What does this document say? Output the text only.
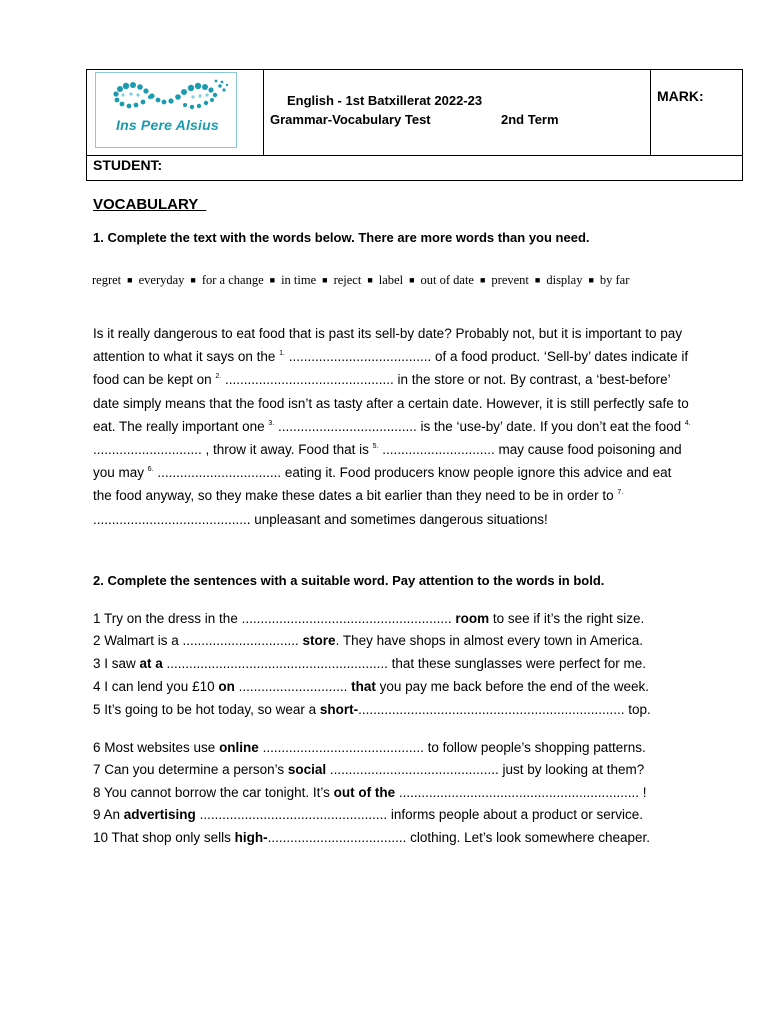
Ins Pere Alsius
English - 1st Batxillerat 2022-23
Grammar-Vocabulary Test	2nd Term
MARK:
STUDENT:
VOCABULARY
1. Complete the text with the words below. There are more words than you need.
regret ■ everyday ■ for a change ■ in time ■ reject ■ label ■ out of date ■ prevent ■ display ■ by far
Is it really dangerous to eat food that is past its sell-by date? Probably not, but it is important to pay attention to what it says on the $^{1.}$ ...................................... of a food product. ‘Sell-by’ dates indicate if food can be kept on $^{2.}$ ............................................. in the store or not. By contrast, a ‘best-before’ date simply means that the food isn’t as tasty after a certain date. However, it is still perfectly safe to eat. The really important one $^{3.}$ ..................................... is the ‘use-by’ date. If you don’t eat the food $^{4.}$ ............................. , throw it away. Food that is $^{5.}$ .............................. may cause food poisoning and you may $^{6.}$ ................................. eating it. Food producers know people ignore this advice and eat the food anyway, so they make these dates a bit earlier than they need to be in order to $^{7.}$ .......................................... unpleasant and sometimes dangerous situations!
2. Complete the sentences with a suitable word. Pay attention to the words in bold.
1 Try on the dress in the ........................................................ room to see if it’s the right size.
2 Walmart is a ............................... store. They have shops in almost every town in America.
3 I saw at a ........................................................... that these sunglasses were perfect for me.
4 I can lend you £10 on ............................. that you pay me back before the end of the week.
5 It’s going to be hot today, so wear a short-....................................................................... top.
6 Most websites use online ........................................... to follow people’s shopping patterns.
7 Can you determine a person’s social ............................................. just by looking at them?
8 You cannot borrow the car tonight. It’s out of the ................................................................ !
9 An advertising .................................................. informs people about a product or service.
10 That shop only sells high-..................................... clothing. Let’s look somewhere cheaper.
